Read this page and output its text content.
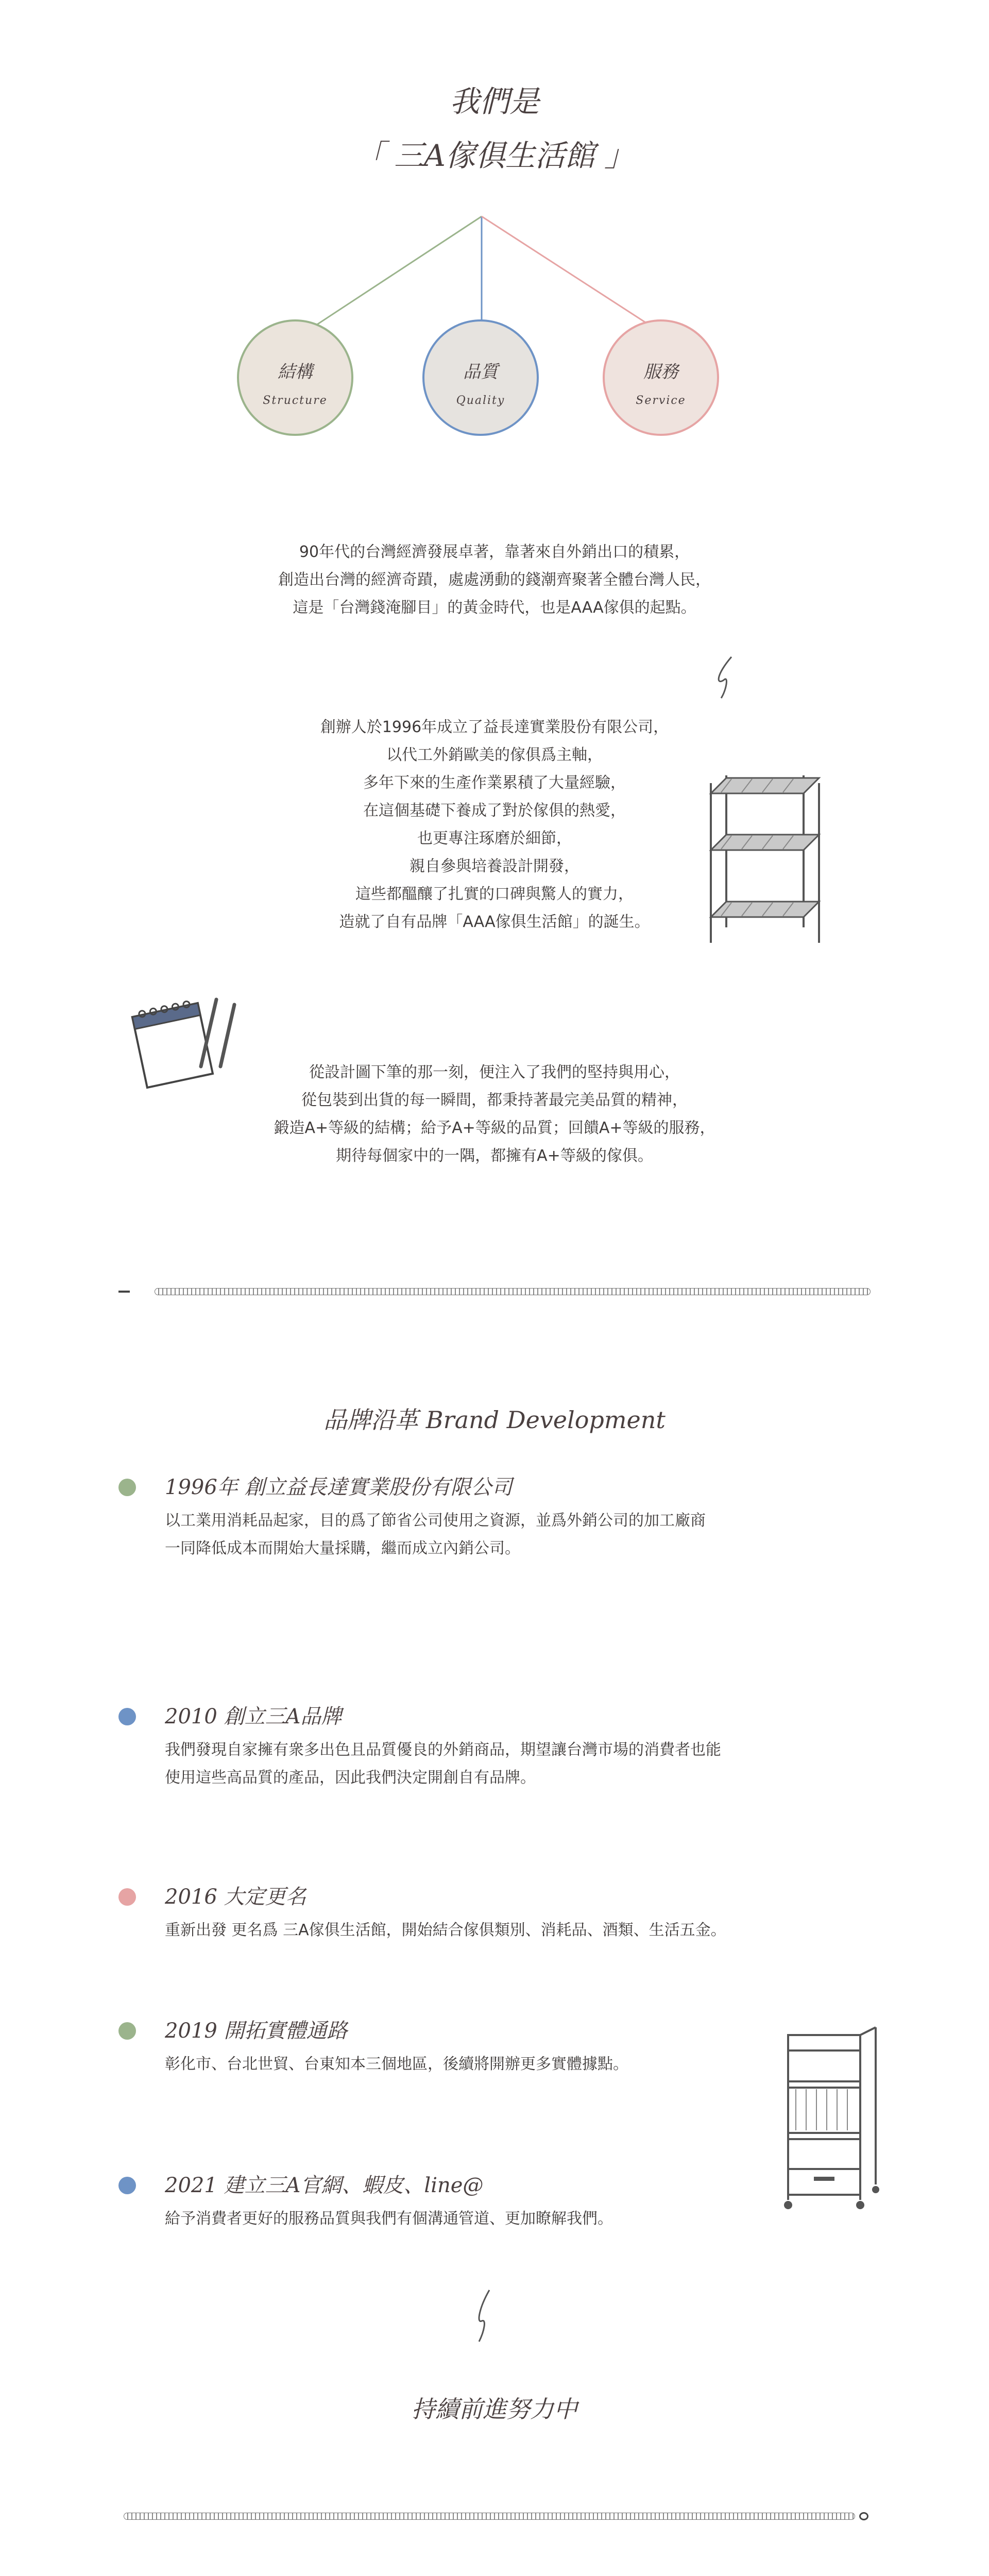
我們是
「 三A傢俱生活館 」
結構
Structure
品質
Quality
服務
Service
90年代的台灣經濟發展卓著，靠著來自外銷出口的積累，
創造出台灣的經濟奇蹟，處處湧動的錢潮齊聚著全體台灣人民，
這是「台灣錢淹腳目」的黃金時代，也是AAA傢俱的起點。
創辦人於1996年成立了益長達實業股份有限公司，
以代工外銷歐美的傢俱爲主軸，
多年下來的生產作業累積了大量經驗，
在這個基礎下養成了對於傢俱的熱愛，
也更專注琢磨於細節，
親自參與培養設計開發，
這些都醞釀了扎實的口碑與驚人的實力，
造就了自有品牌「AAA傢俱生活館」的誕生。
從設計圖下筆的那一刻，便注入了我們的堅持與用心，
從包裝到出貨的每一瞬間，都秉持著最完美品質的精神，
鍛造A+等級的結構；給予A+等級的品質；回饋A+等級的服務，
期待每個家中的一隅，都擁有A+等級的傢俱。
品牌沿革 Brand Development
1996年 創立益長達實業股份有限公司
以工業用消耗品起家，目的爲了節省公司使用之資源，並爲外銷公司的加工廠商
一同降低成本而開始大量採購，繼而成立內銷公司。
2010 創立三A品牌
我們發現自家擁有衆多出色且品質優良的外銷商品，期望讓台灣市場的消費者也能
使用這些高品質的產品，因此我們決定開創自有品牌。
2016 大定更名
重新出發 更名爲 三A傢俱生活館，開始結合傢俱類別、消耗品、酒類、生活五金。
2019 開拓實體通路
彰化市、台北世貿、台東知本三個地區，後續將開辦更多實體據點。
2021 建立三A官網、蝦皮、line@
給予消費者更好的服務品質與我們有個溝通管道、更加瞭解我們。
持續前進努力中
